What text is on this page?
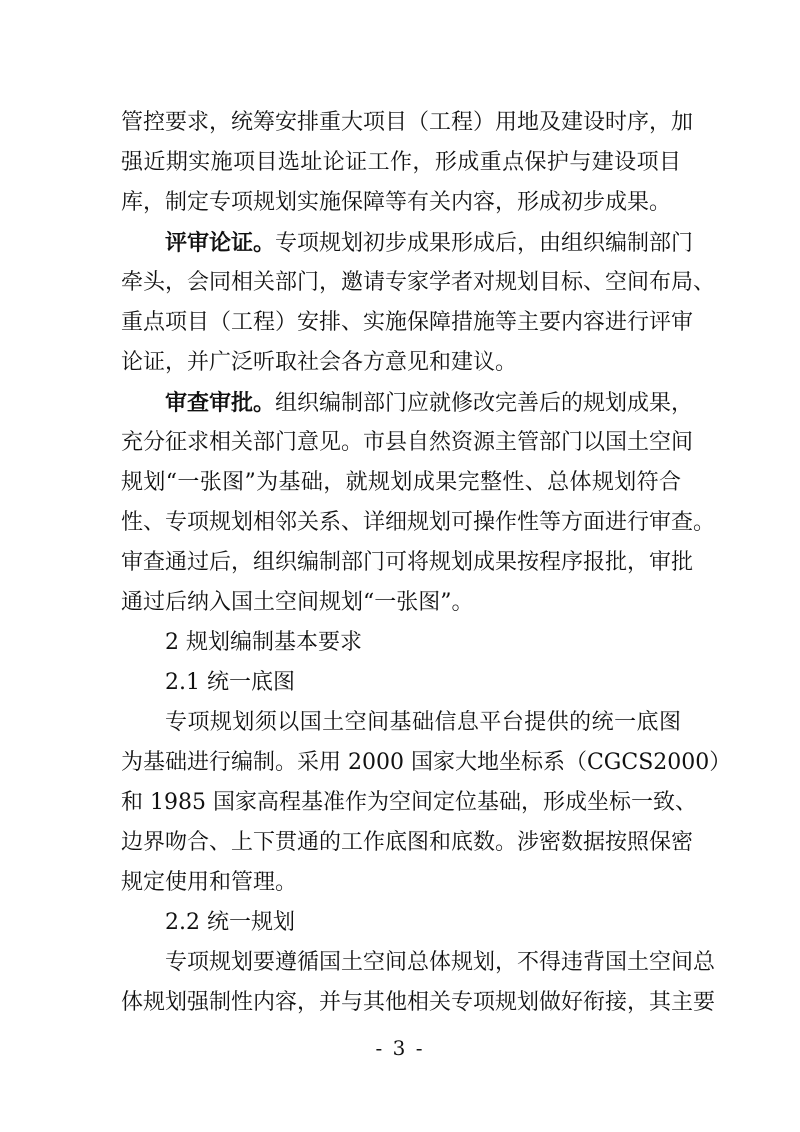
管控要求，统筹安排重大项目（工程）用地及建设时序，加
强近期实施项目选址论证工作，形成重点保护与建设项目
库，制定专项规划实施保障等有关内容，形成初步成果。
评审论证。专项规划初步成果形成后，由组织编制部门
牵头，会同相关部门，邀请专家学者对规划目标、空间布局、
重点项目（工程）安排、实施保障措施等主要内容进行评审
论证，并广泛听取社会各方意见和建议。
审查审批。组织编制部门应就修改完善后的规划成果，
充分征求相关部门意见。市县自然资源主管部门以国土空间
规划“一张图”为基础，就规划成果完整性、总体规划符合
性、专项规划相邻关系、详细规划可操作性等方面进行审查。
审查通过后，组织编制部门可将规划成果按程序报批，审批
通过后纳入国土空间规划“一张图”。
2 规划编制基本要求
2.1 统一底图
专项规划须以国土空间基础信息平台提供的统一底图
为基础进行编制。采用 2000 国家大地坐标系（CGCS2000）
和 1985 国家高程基准作为空间定位基础，形成坐标一致、
边界吻合、上下贯通的工作底图和底数。涉密数据按照保密
规定使用和管理。
2.2 统一规划
专项规划要遵循国土空间总体规划，不得违背国土空间总
体规划强制性内容，并与其他相关专项规划做好衔接，其主要
- 3 -
